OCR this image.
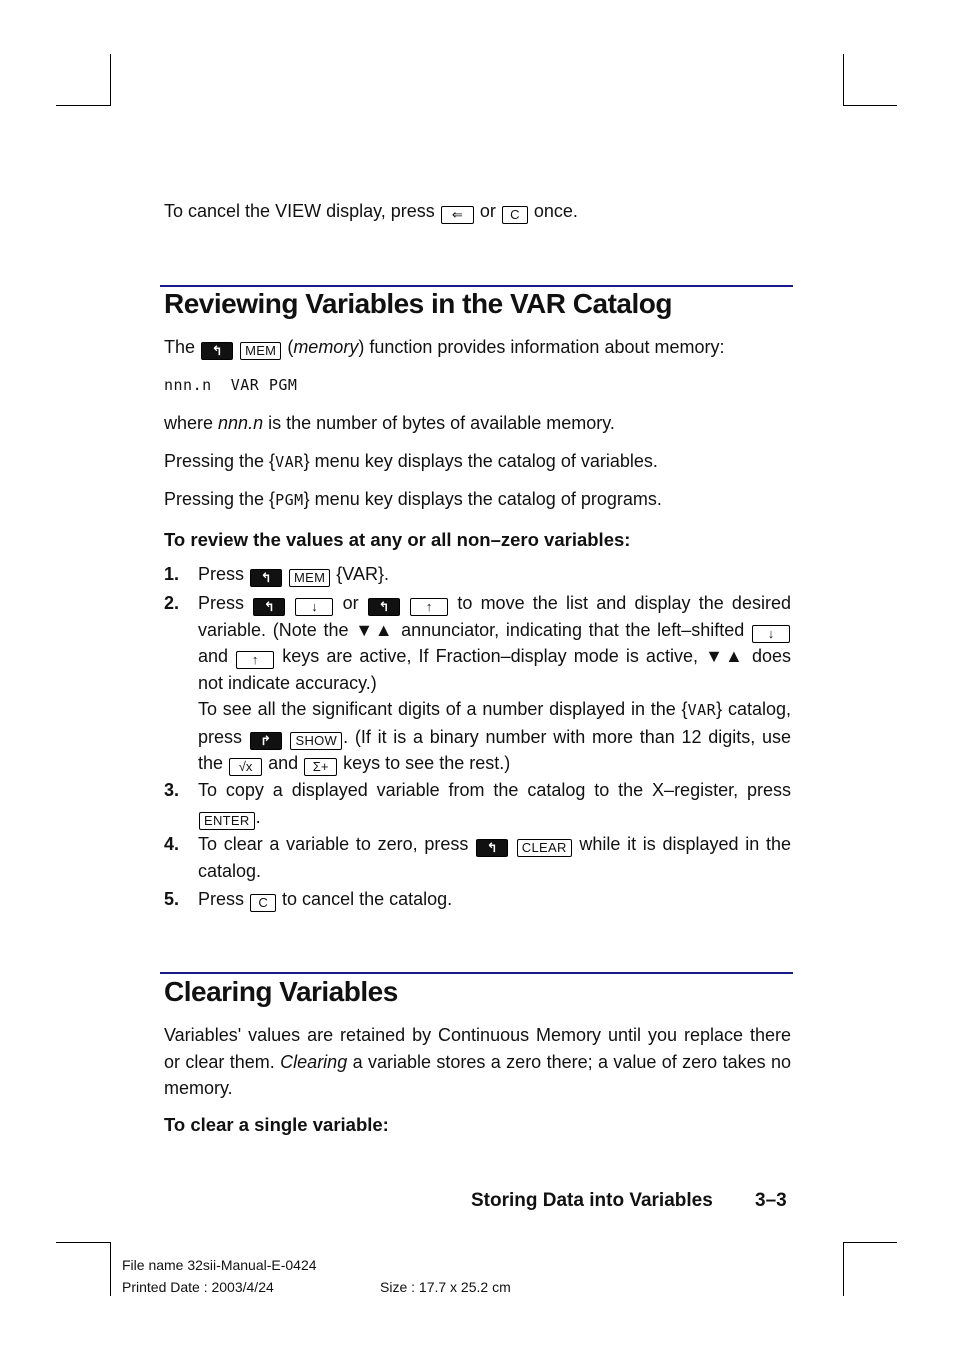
To cancel the VIEW display, press ⇐ or C once.
Reviewing Variables in the VAR Catalog
The ↰ MEM (memory) function provides information about memory:
nnn.n  VAR PGM
where nnn.n is the number of bytes of available memory.
Pressing the {VAR} menu key displays the catalog of variables.
Pressing the {PGM} menu key displays the catalog of programs.
To review the values at any or all non–zero variables:
1. Press ↰ MEM {VAR}.
2. Press ↰	↓ or ↰	↑ to move the list and display the desired variable. (Note the ▼▲ annunciator, indicating that the left–shifted ↓ and ↑ keys are active, If Fraction–display mode is active, ▼▲ does not indicate accuracy.)
To see all the significant digits of a number displayed in the {VAR} catalog, press ↱ SHOW . (If it is a binary number with more than 12 digits, use the √x and Σ+ keys to see the rest.)
3. To copy a displayed variable from the catalog to the X–register, press ENTER .
4. To clear a variable to zero, press ↰ CLEAR while it is displayed in the catalog.
5. Press C to cancel the catalog.
Clearing Variables
Variables' values are retained by Continuous Memory until you replace there or clear them. Clearing a variable stores a zero there; a value of zero takes no memory.
To clear a single variable:
Storing Data into Variables 3–3
File name 32sii-Manual-E-0424
Printed Date : 2003/4/24	Size : 17.7 x 25.2 cm
